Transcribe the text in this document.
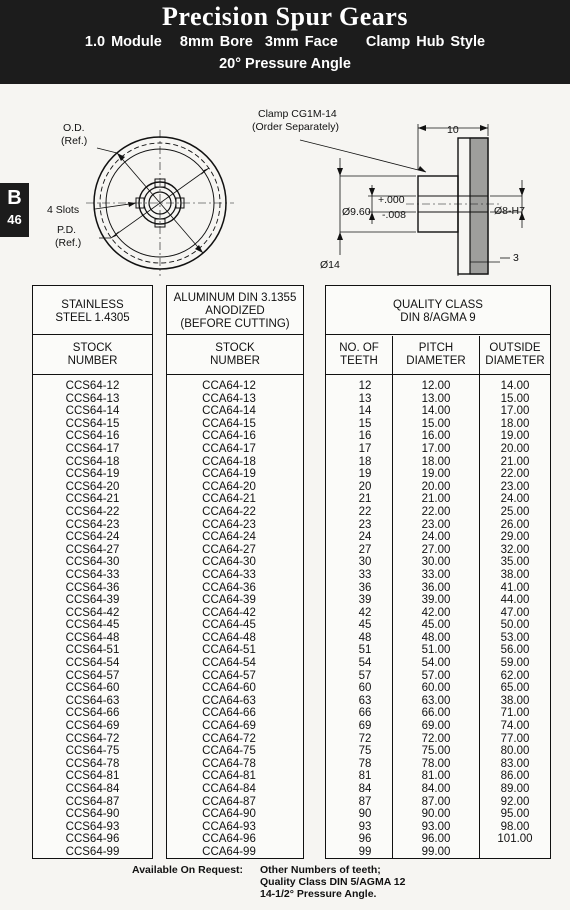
Precision Spur Gears
1.0 Module 8mm Bore 3mm Face Clamp Hub Style
20° Pressure Angle
B
46
O.D.
(Ref.)
4 Slots
P.D.
(Ref.)
Clamp CG1M-14
(Order Separately)	10
+.000
Ø9.60 -.008	Ø8-H7
Ø14
3
STAINLESS
STEEL 1.4305
STOCK
NUMBER
CCS64-12
CCS64-13
CCS64-14
CCS64-15
CCS64-16
CCS64-17
CCS64-18
CCS64-19
CCS64-20
CCS64-21
CCS64-22
CCS64-23
CCS64-24
CCS64-27
CCS64-30
CCS64-33
CCS64-36
CCS64-39
CCS64-42
CCS64-45
CCS64-48
CCS64-51
CCS64-54
CCS64-57
CCS64-60
CCS64-63
CCS64-66
CCS64-69
CCS64-72
CCS64-75
CCS64-78
CCS64-81
CCS64-84
CCS64-87
CCS64-90
CCS64-93
CCS64-96
CCS64-99
ALUMINUM DIN 3.1355
ANODIZED
(BEFORE CUTTING)
STOCK
NUMBER
CCA64-12
CCA64-13
CCA64-14
CCA64-15
CCA64-16
CCA64-17
CCA64-18
CCA64-19
CCA64-20
CCA64-21
CCA64-22
CCA64-23
CCA64-24
CCA64-27
CCA64-30
CCA64-33
CCA64-36
CCA64-39
CCA64-42
CCA64-45
CCA64-48
CCA64-51
CCA64-54
CCA64-57
CCA64-60
CCA64-63
CCA64-66
CCA64-69
CCA64-72
CCA64-75
CCA64-78
CCA64-81
CCA64-84
CCA64-87
CCA64-90
CCA64-93
CCA64-96
CCA64-99
QUALITY CLASS
DIN 8/AGMA 9
NO. OF
TEETH
PITCH
DIAMETER
OUTSIDE
DIAMETER
12
13
14
15
16
17
18
19
20
21
22
23
24
27
30
33
36
39
42
45
48
51
54
57
60
63
66
69
72
75
78
81
84
87
90
93
96
99
12.00
13.00
14.00
15.00
16.00
17.00
18.00
19.00
20.00
21.00
22.00
23.00
24.00
27.00
30.00
33.00
36.00
39.00
42.00
45.00
48.00
51.00
54.00
57.00
60.00
63.00
66.00
69.00
72.00
75.00
78.00
81.00
84.00
87.00
90.00
93.00
96.00
99.00
14.00
15.00
17.00
18.00
19.00
20.00
21.00
22.00
23.00
24.00
25.00
26.00
29.00
32.00
35.00
38.00
41.00
44.00
47.00
50.00
53.00
56.00
59.00
62.00
65.00
38.00
71.00
74.00
77.00
80.00
83.00
86.00
89.00
92.00
95.00
98.00
101.00
Available On Request: Other Numbers of teeth;
Quality Class DIN 5/AGMA 12
14-1/2° Pressure Angle.
